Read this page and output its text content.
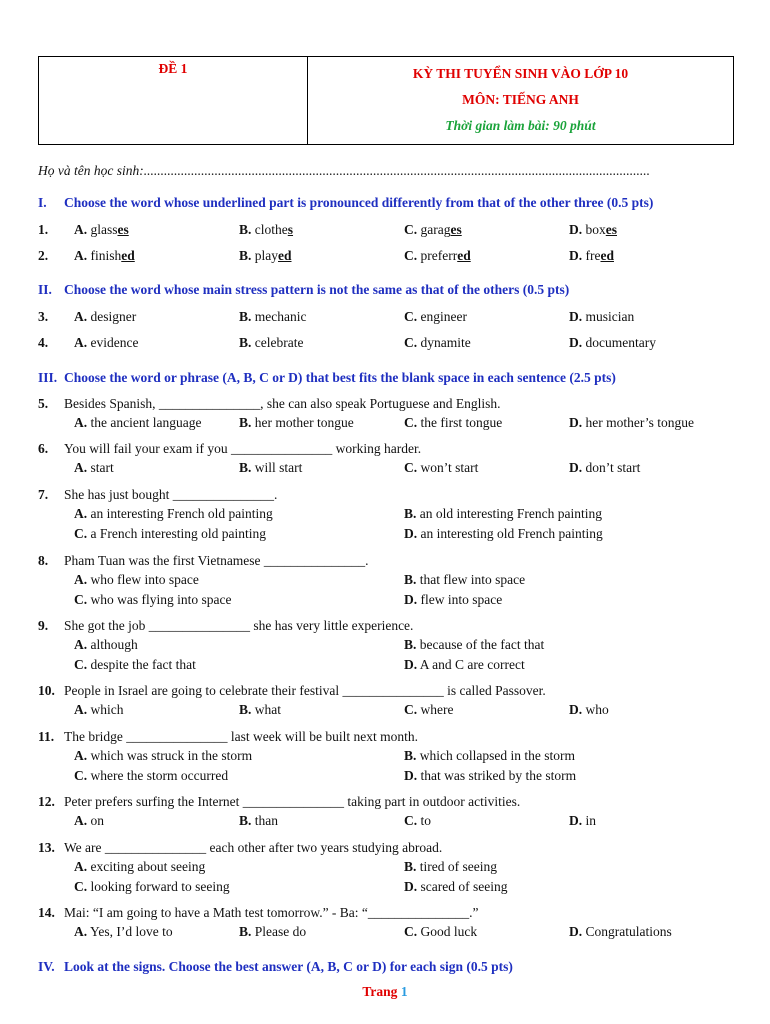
ĐỀ 1	KỲ THI TUYỂN SINH VÀO LỚP 10
MÔN: TIẾNG ANH
Thời gian làm bài: 90 phút
Họ và tên học sinh:......................................................................................................................................................
I. Choose the word whose underlined part is pronounced differently from that of the other three (0.5 pts)
1. A. glasses	B. clothes	C. garages	D. boxes
2. A. finished	B. played	C. preferred	D. freed
II. Choose the word whose main stress pattern is not the same as that of the others (0.5 pts)
3. A. designer	B. mechanic	C. engineer	D. musician
4. A. evidence	B. celebrate	C. dynamite	D. documentary
III. Choose the word or phrase (A, B, C or D) that best fits the blank space in each sentence (2.5 pts)
5. Besides Spanish, _______________, she can also speak Portuguese and English.
A. the ancient language	B. her mother tongue	C. the first tongue	D. her mother’s tongue
6. You will fail your exam if you _______________ working harder.
A. start	B. will start	C. won’t start	D. don’t start
7. She has just bought _______________.
A. an interesting French old painting	B. an old interesting French painting
C. a French interesting old painting	D. an interesting old French painting
8. Pham Tuan was the first Vietnamese _______________.
A. who flew into space	B. that flew into space
C. who was flying into space	D. flew into space
9. She got the job _______________ she has very little experience.
A. although	B. because of the fact that
C. despite the fact that	D. A and C are correct
10. People in Israel are going to celebrate their festival _______________ is called Passover.
A. which	B. what	C. where	D. who
11. The bridge _______________ last week will be built next month.
A. which was struck in the storm	B. which collapsed in the storm
C. where the storm occurred	D. that was striked by the storm
12. Peter prefers surfing the Internet _______________ taking part in outdoor activities.
A. on	B. than	C. to	D. in
13. We are _______________ each other after two years studying abroad.
A. exciting about seeing	B. tired of seeing
C. looking forward to seeing	D. scared of seeing
14. Mai: “I am going to have a Math test tomorrow.” - Ba: “_______________.”
A. Yes, I’d love to	B. Please do	C. Good luck	D. Congratulations
IV. Look at the signs. Choose the best answer (A, B, C or D) for each sign (0.5 pts)
Trang 1
